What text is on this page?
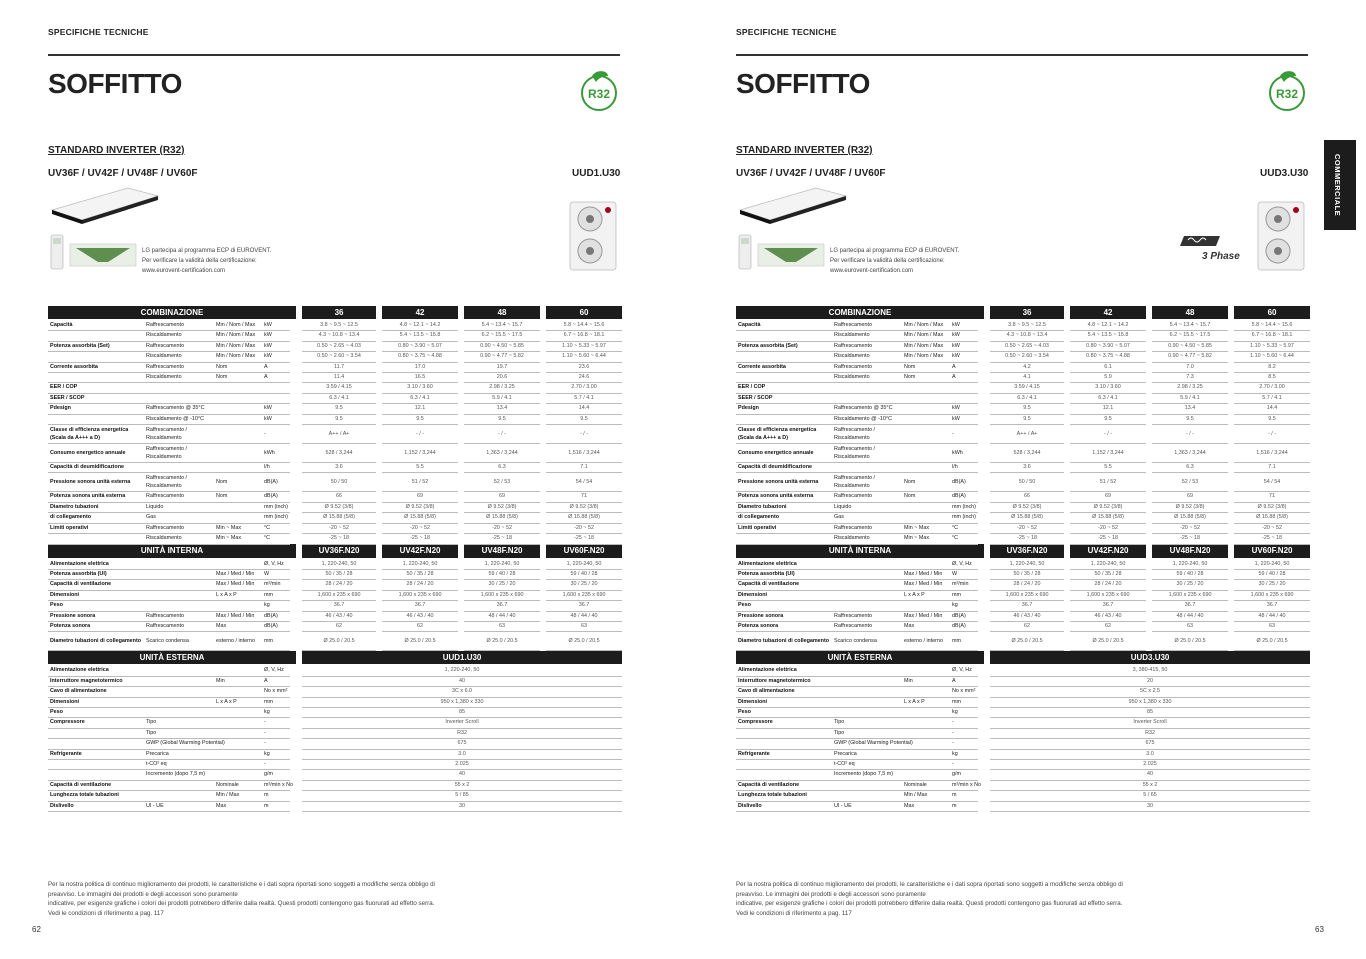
SPECIFICHE TECNICHE
SOFFITTO	R32
STANDARD INVERTER (R32)
UV36F / UV42F / UV48F / UV60F	UUD1.U30
LG partecipa al programma ECP di EUROVENT.
Per verificare la validità della certificazione:
www.eurovent-certification.com
COMBINAZIONE						36		42		48		60
Capacità	Raffrescamento	Min / Nom / Max	kW			3.8 ~ 9.5 ~ 12.5		4.8 ~ 12.1 ~ 14.2		5.4 ~ 13.4 ~ 15.7		5.8 ~ 14.4 ~ 15.6
	Riscaldamento	Min / Nom / Max	kW			4.3 ~ 10.8 ~ 13.4		5.4 ~ 13.5 ~ 15.8		6.2 ~ 15.5 ~ 17.5		6.7 ~ 16.8 ~ 18.1
Potenza assorbita (Set)	Raffrescamento	Min / Nom / Max	kW			0.50 ~ 2.65 ~ 4.03		0.80 ~ 3.90 ~ 5.07		0.90 ~ 4.50 ~ 5.85		1.10 ~ 5.33 ~ 5.97
	Riscaldamento	Min / Nom / Max	kW			0.50 ~ 2.60 ~ 3.54		0.80 ~ 3.75 ~ 4.88		0.90 ~ 4.77 ~ 5.82		1.10 ~ 5.60 ~ 6.44
Corrente assorbita	Raffrescamento	Nom	A			11.7		17.0		19.7		23.6
	Riscaldamento	Nom	A			11.4		16.5		20.6		24.6
EER / COP						3.59 / 4.15		3.10 / 3.60		2.98 / 3.25		2.70 / 3.00
SEER / SCOP						6.3 / 4.1		6.3 / 4.1		5.9 / 4.1		5.7 / 4.1
Pdesign	Raffrescamento @ 35°C		kW			9.5		12.1		13.4		14.4
	Riscaldamento @ -10°C		kW			9.5		9.5		9.5		9.5
Classe di efficienza energetica (Scala da A+++ a D)	Raffrescamento / Riscaldamento		-			A++ / A+		- / -		- / -		- / -
Consumo energetico annuale	Raffrescamento / Riscaldamento		kWh			528 / 3,244		1,152 / 3,244		1,363 / 3,244		1,516 / 3,244
Capacità di deumidificazione			l/h			3.6		5.5		6.3		7.1
Pressione sonora unità esterna	Raffrescamento / Riscaldamento	Nom	dB(A)			50 / 50		51 / 52		52 / 53		54 / 54
Potenza sonora unità esterna	Raffrescamento	Nom	dB(A)			66		69		69		71
Diametro tubazioni	Liquido		mm (inch)			Ø 9.52 (3/8)		Ø 9.52 (3/8)		Ø 9.52 (3/8)		Ø 9.52 (3/8)
di collegamento	Gas		mm (inch)			Ø 15.88 (5/8)		Ø 15.88 (5/8)		Ø 15.88 (5/8)		Ø 15.88 (5/8)
Limiti operativi	Raffrescamento	Min ~ Max	°C			-20 ~ 52		-20 ~ 52		-20 ~ 52		-20 ~ 52
	Riscaldamento	Min ~ Max	°C			-25 ~ 18		-25 ~ 18		-25 ~ 18		-25 ~ 18
UNITÀ INTERNA						UV36F.N20		UV42F.N20		UV48F.N20		UV60F.N20
Alimentazione elettrica			Ø, V, Hz			1, 220-240, 50		1, 220-240, 50		1, 220-240, 50		1, 220-240, 50
Potenza assorbita (UI)		Max / Med / Min	W			50 / 35 / 28		50 / 35 / 28		59 / 40 / 28		59 / 40 / 28
Capacità di ventilazione		Max / Med / Min	m³/min			28 / 24 / 20		28 / 24 / 20		30 / 25 / 20		30 / 25 / 20
Dimensioni		L x A x P	mm			1,600 x 235 x 690		1,600 x 235 x 690		1,600 x 235 x 690		1,600 x 235 x 690
Peso			kg			36.7		36.7		36.7		36.7
Pressione sonora	Raffrescamento	Max / Med / Min	dB(A)			46 / 43 / 40		46 / 43 / 40		48 / 44 / 40		48 / 44 / 40
Potenza sonora	Raffrescamento	Max	dB(A)			62		62		63		63
Diametro tubazioni di collegamento	Scarico condensa	esterno / interno	mm			Ø 25.0 / 20.5		Ø 25.0 / 20.5		Ø 25.0 / 20.5		Ø 25.0 / 20.5
UNITÀ ESTERNA						UUD1.U30						
Alimentazione elettrica			Ø, V, Hz			1, 220-240, 50						
Interruttore magnetotermico		Min	A			40						
Cavo di alimentazione			No x mm²			3C x 6.0						
Dimensioni		L x A x P	mm			950 x 1,380 x 330						
Peso			kg			85						
Compressore	Tipo		-			Inverter Scroll						
	Tipo		-			R32						
	GWP (Global Warming Potential)		-			675						
Refrigerante	Precarica		kg			3.0						
	t-CO² eq		-			2.025						
	Incremento (dopo 7,5 m)		g/m			40						
Capacità di ventilazione		Nominale	m³/min x No			55 x 2						
Lunghezza totale tubazioni		Min / Max	m			5 / 85						
Dislivello	UI - UE	Max	m			30						
Per la nostra politica di continuo miglioramento dei prodotti, le caratteristiche e i dati sopra riportati sono soggetti a modifiche senza obbligo di
preavviso. Le immagini dei prodotti e degli accessori sono puramente
indicative, per esigenze grafiche i colori dei prodotti potrebbero differire dalla realtà. Questi prodotti contengono gas fluorurati ad effetto serra.
Vedi le condizioni di riferimento a pag. 117
62
SPECIFICHE TECNICHE
SOFFITTO	R32
STANDARD INVERTER (R32)
UV36F / UV42F / UV48F / UV60F	UUD3.U30
LG partecipa al programma ECP di EUROVENT.
Per verificare la validità della certificazione:
www.eurovent-certification.com
3 Phase
COMBINAZIONE						36		42		48		60
Capacità	Raffrescamento	Min / Nom / Max	kW			3.8 ~ 9.5 ~ 12.5		4.8 ~ 12.1 ~ 14.2		5.4 ~ 13.4 ~ 15.7		5.8 ~ 14.4 ~ 15.6
	Riscaldamento	Min / Nom / Max	kW			4.3 ~ 10.8 ~ 13.4		5.4 ~ 13.5 ~ 15.8		6.2 ~ 15.5 ~ 17.5		6.7 ~ 16.8 ~ 18.1
Potenza assorbita (Set)	Raffrescamento	Min / Nom / Max	kW			0.50 ~ 2.65 ~ 4.03		0.80 ~ 3.90 ~ 5.07		0.90 ~ 4.50 ~ 5.85		1.10 ~ 5.33 ~ 5.97
	Riscaldamento	Min / Nom / Max	kW			0.50 ~ 2.60 ~ 3.54		0.80 ~ 3.75 ~ 4.88		0.90 ~ 4.77 ~ 5.82		1.10 ~ 5.60 ~ 6.44
Corrente assorbita	Raffrescamento	Nom	A			4.2		6.1		7.0		8.2
	Riscaldamento	Nom	A			4.1		5.9		7.3		8.5
EER / COP						3.59 / 4.15		3.10 / 3.60		2.98 / 3.25		2.70 / 3.00
SEER / SCOP						6.3 / 4.1		6.3 / 4.1		5.9 / 4.1		5.7 / 4.1
Pdesign	Raffrescamento @ 35°C		kW			9.5		12.1		13.4		14.4
	Riscaldamento @ -10°C		kW			9.5		9.5		9.5		9.5
Classe di efficienza energetica (Scala da A+++ a D)	Raffrescamento / Riscaldamento		-			A++ / A+		- / -		- / -		- / -
Consumo energetico annuale	Raffrescamento / Riscaldamento		kWh			528 / 3,244		1,152 / 3,244		1,363 / 3,244		1,516 / 3,244
Capacità di deumidificazione			l/h			3.6		5.5		6.3		7.1
Pressione sonora unità esterna	Raffrescamento / Riscaldamento	Nom	dB(A)			50 / 50		51 / 52		52 / 53		54 / 54
Potenza sonora unità esterna	Raffrescamento	Nom	dB(A)			66		69		69		71
Diametro tubazioni	Liquido		mm (inch)			Ø 9.52 (3/8)		Ø 9.52 (3/8)		Ø 9.52 (3/8)		Ø 9.52 (3/8)
di collegamento	Gas		mm (inch)			Ø 15.88 (5/8)		Ø 15.88 (5/8)		Ø 15.88 (5/8)		Ø 15.88 (5/8)
Limiti operativi	Raffrescamento	Min ~ Max	°C			-20 ~ 52		-20 ~ 52		-20 ~ 52		-20 ~ 52
	Riscaldamento	Min ~ Max	°C			-25 ~ 18		-25 ~ 18		-25 ~ 18		-25 ~ 18
UNITÀ INTERNA						UV36F.N20		UV42F.N20		UV48F.N20		UV60F.N20
Alimentazione elettrica			Ø, V, Hz			1, 220-240, 50		1, 220-240, 50		1, 220-240, 50		1, 220-240, 50
Potenza assorbita (UI)		Max / Med / Min	W			50 / 35 / 28		50 / 35 / 28		59 / 40 / 28		59 / 40 / 28
Capacità di ventilazione		Max / Med / Min	m³/min			28 / 24 / 20		28 / 24 / 20		30 / 25 / 20		30 / 25 / 20
Dimensioni		L x A x P	mm			1,600 x 235 x 690		1,600 x 235 x 690		1,600 x 235 x 690		1,600 x 235 x 690
Peso			kg			36.7		36.7		36.7		36.7
Pressione sonora	Raffrescamento	Max / Med / Min	dB(A)			46 / 43 / 40		46 / 43 / 40		48 / 44 / 40		48 / 44 / 40
Potenza sonora	Raffrescamento	Max	dB(A)			62		62		63		63
Diametro tubazioni di collegamento	Scarico condensa	esterno / interno	mm			Ø 25.0 / 20.5		Ø 25.0 / 20.5		Ø 25.0 / 20.5		Ø 25.0 / 20.5
UNITÀ ESTERNA						UUD3.U30						
Alimentazione elettrica			Ø, V, Hz			3, 380-415, 50						
Interruttore magnetotermico		Min	A			20						
Cavo di alimentazione			No x mm²			5C x 2.5						
Dimensioni		L x A x P	mm			950 x 1,380 x 330						
Peso			kg			85						
Compressore	Tipo		-			Inverter Scroll						
	Tipo		-			R32						
	GWP (Global Warming Potential)		-			675						
Refrigerante	Precarica		kg			3.0						
	t-CO² eq		-			2.025						
	Incremento (dopo 7,5 m)		g/m			40						
Capacità di ventilazione		Nominale	m³/min x No			55 x 2						
Lunghezza totale tubazioni		Min / Max	m			5 / 65						
Dislivello	UI - UE	Max	m			30						
Per la nostra politica di continuo miglioramento dei prodotti, le caratteristiche e i dati sopra riportati sono soggetti a modifiche senza obbligo di
preavviso. Le immagini dei prodotti e degli accessori sono puramente
indicative, per esigenze grafiche i colori dei prodotti potrebbero differire dalla realtà. Questi prodotti contengono gas fluorurati ad effetto serra.
Vedi le condizioni di riferimento a pag. 117
63
COMMERCIALE
